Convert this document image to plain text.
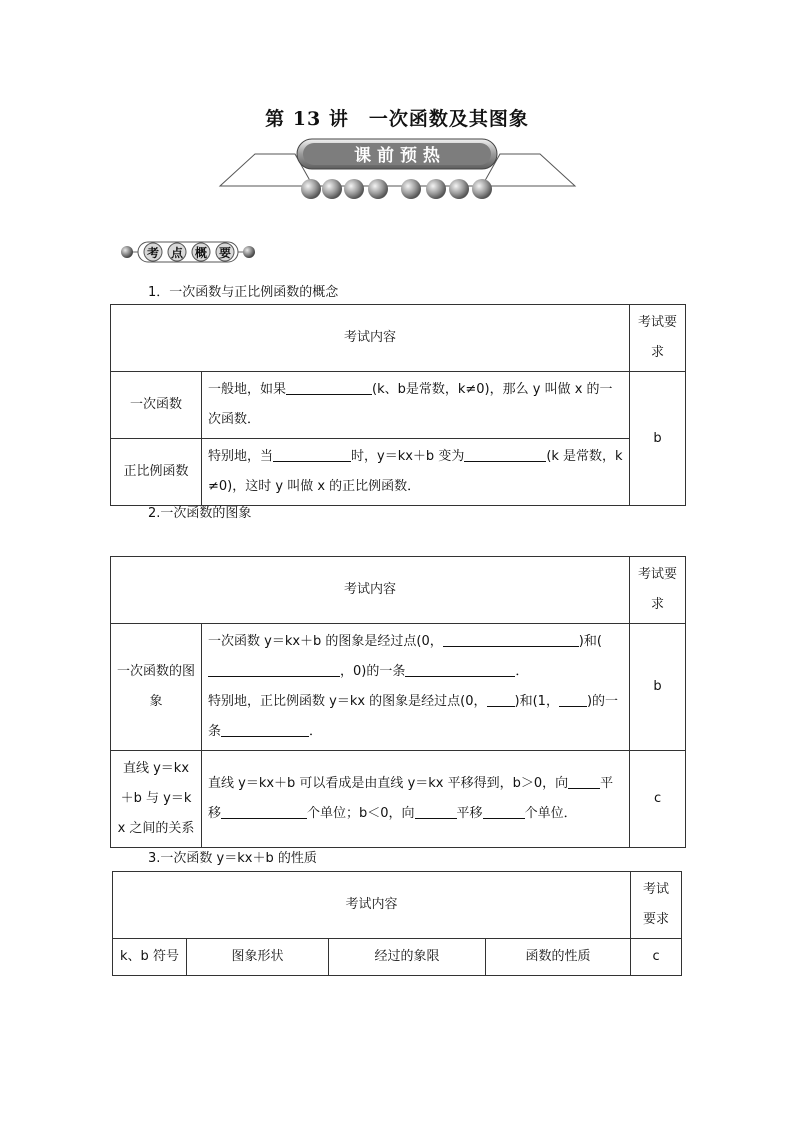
第 13 讲　一次函数及其图象
课 前 预 热
考 点 概 要
1．一次函数与正比例函数的概念
考试内容		考试要求
一次函数	一般地，如果 (k、b是常数，k≠0)，那么 y 叫做 x 的一次函数．	b
正比例函数	特别地，当 时，y＝kx＋b 变为 (k 是常数，k≠0)，这时 y 叫做 x 的正比例函数．	
2.一次函数的图象
考试内容		考试要求
一次函数的图象	一次函数 y＝kx＋b 的图象是经过点(0， )和(，0)的一条 ．
特别地，正比例函数 y＝kx 的图象是经过点(0， )和(1， )的一条 ．	b
直线 y＝kx＋b 与 y＝kx 之间的关系	直线 y＝kx＋b 可以看成是由直线 y＝kx 平移得到，b＞0，向 平移 个单位；b＜0，向 平移 个单位．	c
3.一次函数 y＝kx＋b 的性质
考试内容				考试要求
k、b 符号	图象形状	经过的象限	函数的性质	c
